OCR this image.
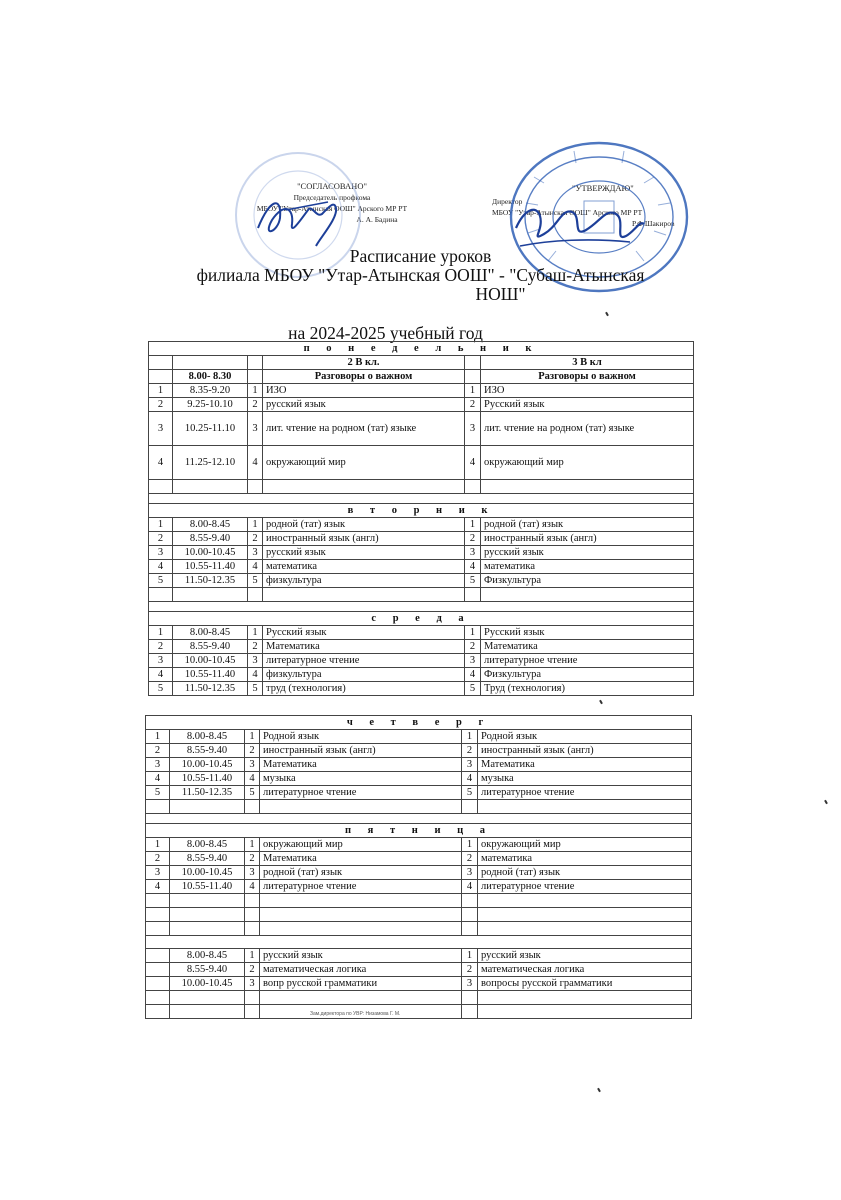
"СОГЛАСОВАНО"
Председатель профкома
МБОУ "Утар-Атынская ООШ" Арского МР РТ
А. А. Бадина
"УТВЕРЖДАЮ"
Директор
МБОУ "Утар-Атынская ООШ" Арского МР РТ
Р.Ф.Шакиров
Расписание уроков
филиала МБОУ "Утар-Атынская ООШ" - "Субаш-Атынская
НОШ"
на 2024-2025 учебный год
п о н е д е л ь н и к					
			2 В кл.		3 В кл
	8.00- 8.30		Разговоры о важном		Разговоры о важном
1	8.35-9.20	1	ИЗО	1	ИЗО
2	9.25-10.10	2	русский язык	2	Русский язык
3	10.25-11.10	3	лит. чтение на родном (тат) языке	3	лит. чтение на родном (тат) языке
4	11.25-12.10	4	окружающий мир	4	окружающий мир

в т о р н и к					
1	8.00-8.45	1	родной (тат) язык	1	родной (тат) язык
2	8.55-9.40	2	иностранный язык (англ)	2	иностранный язык (англ)
3	10.00-10.45	3	русский язык	3	русский язык
4	10.55-11.40	4	математика	4	математика
5	11.50-12.35	5	физкультура	5	Физкультура

с р е д а					
1	8.00-8.45	1	Русский язык	1	Русский язык
2	8.55-9.40	2	Математика	2	Математика
3	10.00-10.45	3	литературное чтение	3	литературное чтение
4	10.55-11.40	4	физкультура	4	Физкультура
5	11.50-12.35	5	труд (технология)	5	Труд (технология)
ч е т в е р г					
1	8.00-8.45	1	Родной язык	1	Родной язык
2	8.55-9.40	2	иностранный язык (англ)	2	иностранный язык (англ)
3	10.00-10.45	3	Математика	3	Математика
4	10.55-11.40	4	музыка	4	музыка
5	11.50-12.35	5	литературное чтение	5	литературное чтение

п я т н и ц а					
1	8.00-8.45	1	окружающий мир	1	окружающий мир
2	8.55-9.40	2	Математика	2	математика
3	10.00-10.45	3	родной (тат) язык	3	родной (тат) язык
4	10.55-11.40	4	литературное чтение	4	литературное чтение

	8.00-8.45	1	русский язык	1	русский язык
	8.55-9.40	2	математическая логика	2	математическая логика
	10.00-10.45	3	вопр русской грамматики	3	вопросы русской грамматики

Зам.директора по УВР: Низамова Г. М.
